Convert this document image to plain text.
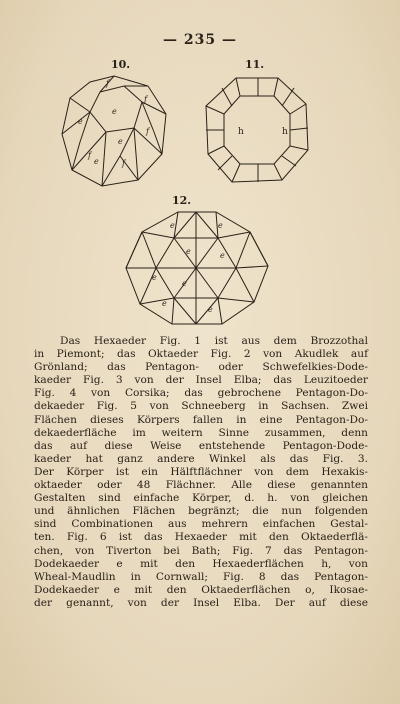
— 235 —
10.
f
f
e
e
f
f
e
e	f
11.
h	h
12.
e	e
e	e
e
e
e
e
Das Hexaeder Fig. 1 ist aus dem Brozzothal
in Piemont; das Oktaeder Fig. 2 von Akudlek auf
Grönland; das Pentagon- oder Schwefelkies-Dode-
kaeder Fig. 3 von der Insel Elba; das Leuzitoeder
Fig. 4 von Corsika; das gebrochene Pentagon-Do-
dekaeder Fig. 5 von Schneeberg in Sachsen. Zwei
Flächen dieses Körpers fallen in eine Pentagon-Do-
dekaederfläche im weitern Sinne zusammen, denn
das auf diese Weise entstehende Pentagon-Dode-
kaeder hat ganz andere Winkel als das Fig. 3.
Der Körper ist ein Hälftflächner von dem Hexakis-
oktaeder oder 48 Flächner. Alle diese genannten
Gestalten sind einfache Körper, d. h. von gleichen
und ähnlichen Flächen begränzt; die nun folgenden
sind Combinationen aus mehrern einfachen Gestal-
ten. Fig. 6 ist das Hexaeder mit den Oktaederflä-
chen, von Tiverton bei Bath; Fig. 7 das Pentagon-
Dodekaeder e mit den Hexaederflächen h, von
Wheal-Maudlin in Cornwall; Fig. 8 das Pentagon-
Dodekaeder e mit den Oktaederflächen o, Ikosae-
der genannt, von der Insel Elba. Der auf diese
